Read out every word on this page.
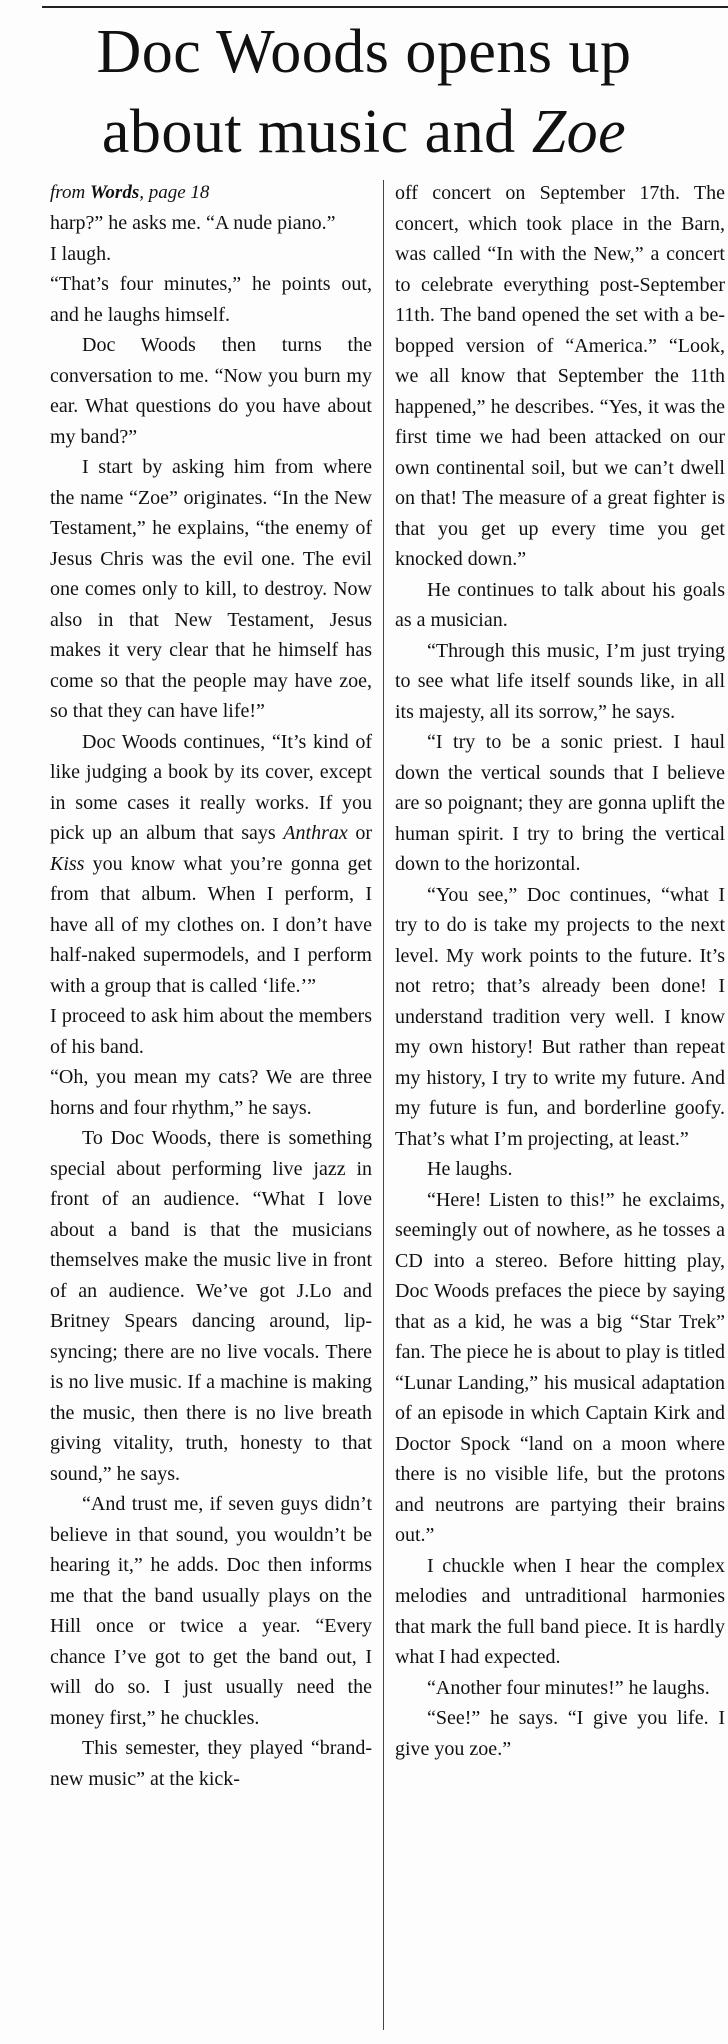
Doc Woods opens up
about music and Zoe

from Words, page 18

harp?” he asks me. “A nude piano.”

I laugh.

“That’s four minutes,” he points out, and he laughs himself.

Doc Woods then turns the conversation to me. “Now you burn my ear. What questions do you have about my band?”

I start by asking him from where the name “Zoe” originates. “In the New Testament,” he explains, “the enemy of Jesus Chris was the evil one. The evil one comes only to kill, to destroy. Now also in that New Testament, Jesus makes it very clear that he himself has come so that the people may have zoe, so that they can have life!”

Doc Woods continues, “It’s kind of like judging a book by its cover, except in some cases it really works. If you pick up an album that says Anthrax or Kiss you know what you’re gonna get from that album. When I perform, I have all of my clothes on. I don’t have half-naked supermodels, and I perform with a group that is called ‘life.’”

I proceed to ask him about the members of his band.

“Oh, you mean my cats? We are three horns and four rhythm,” he says.

To Doc Woods, there is something special about performing live jazz in front of an audience. “What I love about a band is that the musicians themselves make the music live in front of an audience. We’ve got J.Lo and Britney Spears dancing around, lip-syncing; there are no live vocals. There is no live music. If a machine is making the music, then there is no live breath giving vitality, truth, honesty to that sound,” he says.

“And trust me, if seven guys didn’t believe in that sound, you wouldn’t be hearing it,” he adds. Doc then informs me that the band usually plays on the Hill once or twice a year. “Every chance I’ve got to get the band out, I will do so. I just usually need the money first,” he chuckles.

This semester, they played “brand-new music” at the kick-

off concert on September 17th. The concert, which took place in the Barn, was called “In with the New,” a concert to celebrate everything post-September 11th. The band opened the set with a be-bopped version of “America.” “Look, we all know that September the 11th happened,” he describes. “Yes, it was the first time we had been attacked on our own continental soil, but we can’t dwell on that! The measure of a great fighter is that you get up every time you get knocked down.”

He continues to talk about his goals as a musician.

“Through this music, I’m just trying to see what life itself sounds like, in all its majesty, all its sorrow,” he says.

“I try to be a sonic priest. I haul down the vertical sounds that I believe are so poignant; they are gonna uplift the human spirit. I try to bring the vertical down to the horizontal.

“You see,” Doc continues, “what I try to do is take my projects to the next level. My work points to the future. It’s not retro; that’s already been done! I understand tradition very well. I know my own history! But rather than repeat my history, I try to write my future. And my future is fun, and borderline goofy. That’s what I’m projecting, at least.”

He laughs.

“Here! Listen to this!” he exclaims, seemingly out of nowhere, as he tosses a CD into a stereo. Before hitting play, Doc Woods prefaces the piece by saying that as a kid, he was a big “Star Trek” fan. The piece he is about to play is titled “Lunar Landing,” his musical adaptation of an episode in which Captain Kirk and Doctor Spock “land on a moon where there is no visible life, but the protons and neutrons are partying their brains out.”

I chuckle when I hear the complex melodies and untraditional harmonies that mark the full band piece. It is hardly what I had expected.

“Another four minutes!” he laughs.

“See!” he says. “I give you life. I give you zoe.”
